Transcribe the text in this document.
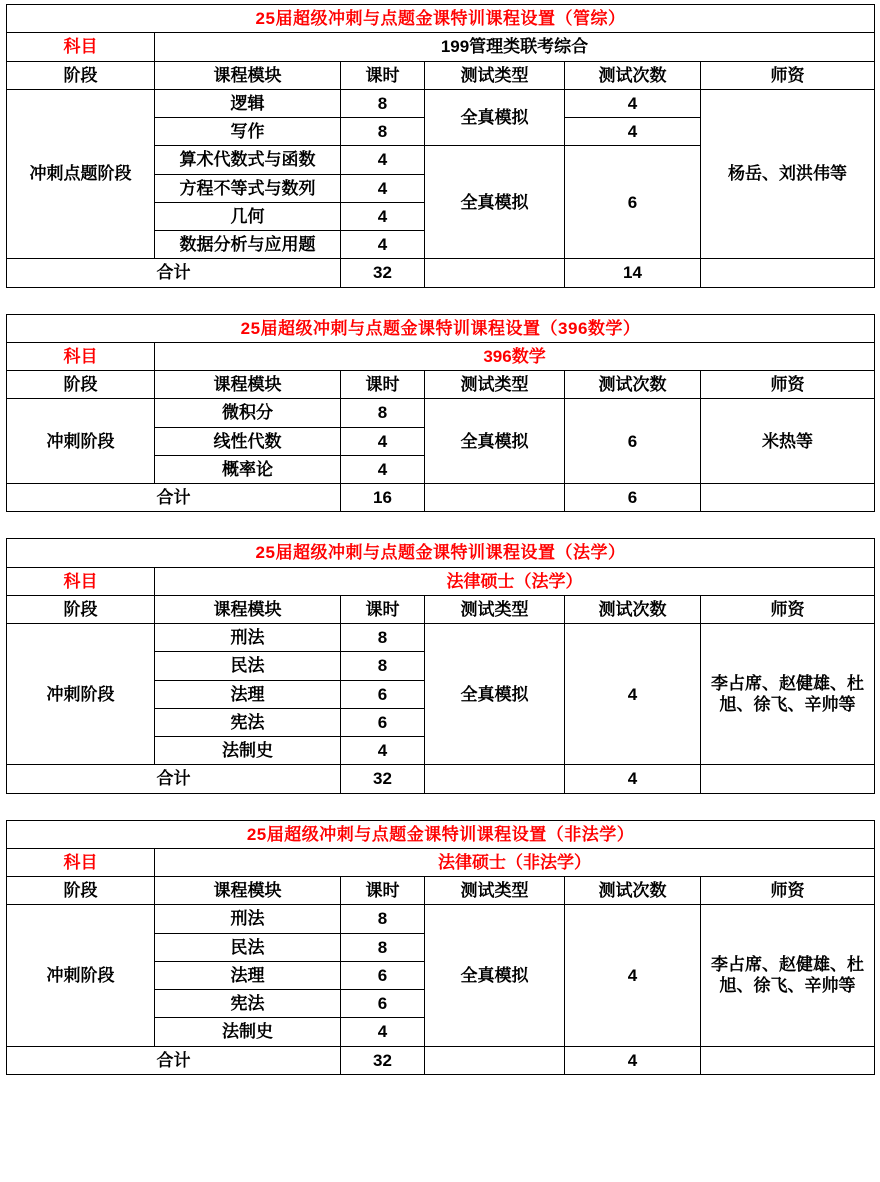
25届超级冲刺与点题金课特训课程设置（管综）					
科目	199管理类联考综合				
阶段	课程模块	课时	测试类型	测试次数	师资
冲刺点题阶段	逻辑	8	全真模拟	4	杨岳、刘洪伟等
	写作	8		4	
	算术代数式与函数	4	全真模拟	6	
	方程不等式与数列	4			
	几何	4			
	数据分析与应用题	4			
合计		32		14	
25届超级冲刺与点题金课特训课程设置（396数学）					
科目	396数学				
阶段	课程模块	课时	测试类型	测试次数	师资
冲刺阶段	微积分	8	全真模拟	6	米热等
	线性代数	4			
	概率论	4			
合计		16		6	
25届超级冲刺与点题金课特训课程设置（法学）					
科目	法律硕士（法学）				
阶段	课程模块	课时	测试类型	测试次数	师资
冲刺阶段	刑法	8	全真模拟	4	李占席、赵健雄、杜旭、徐飞、辛帅等
	民法	8			
	法理	6			
	宪法	6			
	法制史	4			
合计		32		4	
25届超级冲刺与点题金课特训课程设置（非法学）					
科目	法律硕士（非法学）				
阶段	课程模块	课时	测试类型	测试次数	师资
冲刺阶段	刑法	8	全真模拟	4	李占席、赵健雄、杜旭、徐飞、辛帅等
	民法	8			
	法理	6			
	宪法	6			
	法制史	4			
合计		32		4	
